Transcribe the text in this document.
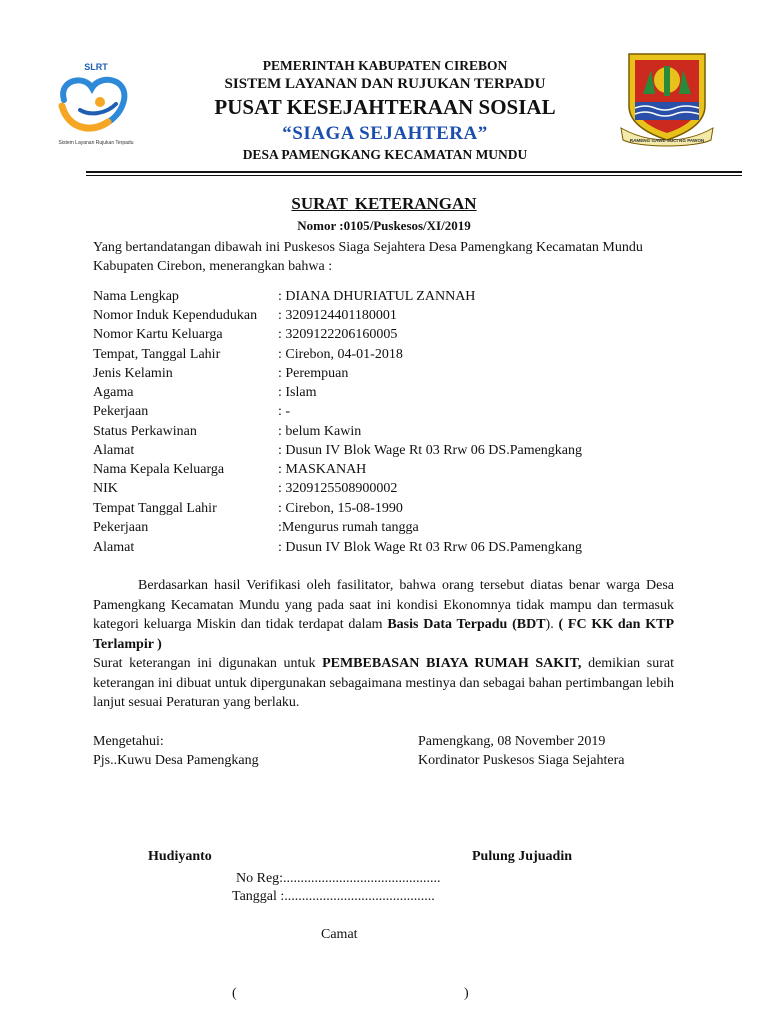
SLRT
Sistem Layanan Rujukan Terpadu	RAMENG GAWE SUCI NG PAWON
PEMERINTAH KABUPATEN CIREBON
SISTEM LAYANAN DAN RUJUKAN TERPADU
PUSAT KESEJAHTERAAN SOSIAL
“SIAGA SEJAHTERA”
DESA PAMENGKANG KECAMATAN MUNDU
SURAT KETERANGAN
Nomor :0105/Puskesos/XI/2019
Yang bertandatangan dibawah ini Puskesos Siaga Sejahtera Desa Pamengkang Kecamatan Mundu Kabupaten Cirebon, menerangkan bahwa :
Nama Lengkap	: DIANA DHURIATUL ZANNAH
Nomor Induk Kependudukan : 3209124401180001
Nomor Kartu Keluarga	: 3209122206160005
Tempat, Tanggal Lahir	: Cirebon, 04-01-2018
Jenis Kelamin	: Perempuan
Agama	: Islam
Pekerjaan	: -
Status Perkawinan	: belum Kawin
Alamat	: Dusun IV Blok Wage Rt 03 Rrw 06 DS.Pamengkang
Nama Kepala Keluarga	: MASKANAH
NIK	: 3209125508900002
Tempat Tanggal Lahir	: Cirebon, 15-08-1990
Pekerjaan	:Mengurus rumah tangga
Alamat	: Dusun IV Blok Wage Rt 03 Rrw 06 DS.Pamengkang
Berdasarkan hasil Verifikasi oleh fasilitator, bahwa orang tersebut diatas benar warga Desa Pamengkang Kecamatan Mundu yang pada saat ini kondisi Ekonomnya tidak mampu dan termasuk kategori keluarga Miskin dan tidak terdapat dalam Basis Data Terpadu (BDT). ( FC KK dan KTP Terlampir )
Surat keterangan ini digunakan untuk PEMBEBASAN BIAYA RUMAH SAKIT, demikian surat keterangan ini dibuat untuk dipergunakan sebagaimana mestinya dan sebagai bahan pertimbangan lebih lanjut sesuai Peraturan yang berlaku.
Mengetahui:
Pjs..Kuwu Desa Pamengkang
Pamengkang, 08 November 2019
Kordinator Puskesos Siaga Sejahtera
Hudiyanto	Pulung Jujuadin
No Reg:.............................................
Tanggal :...........................................
Camat
(	)
